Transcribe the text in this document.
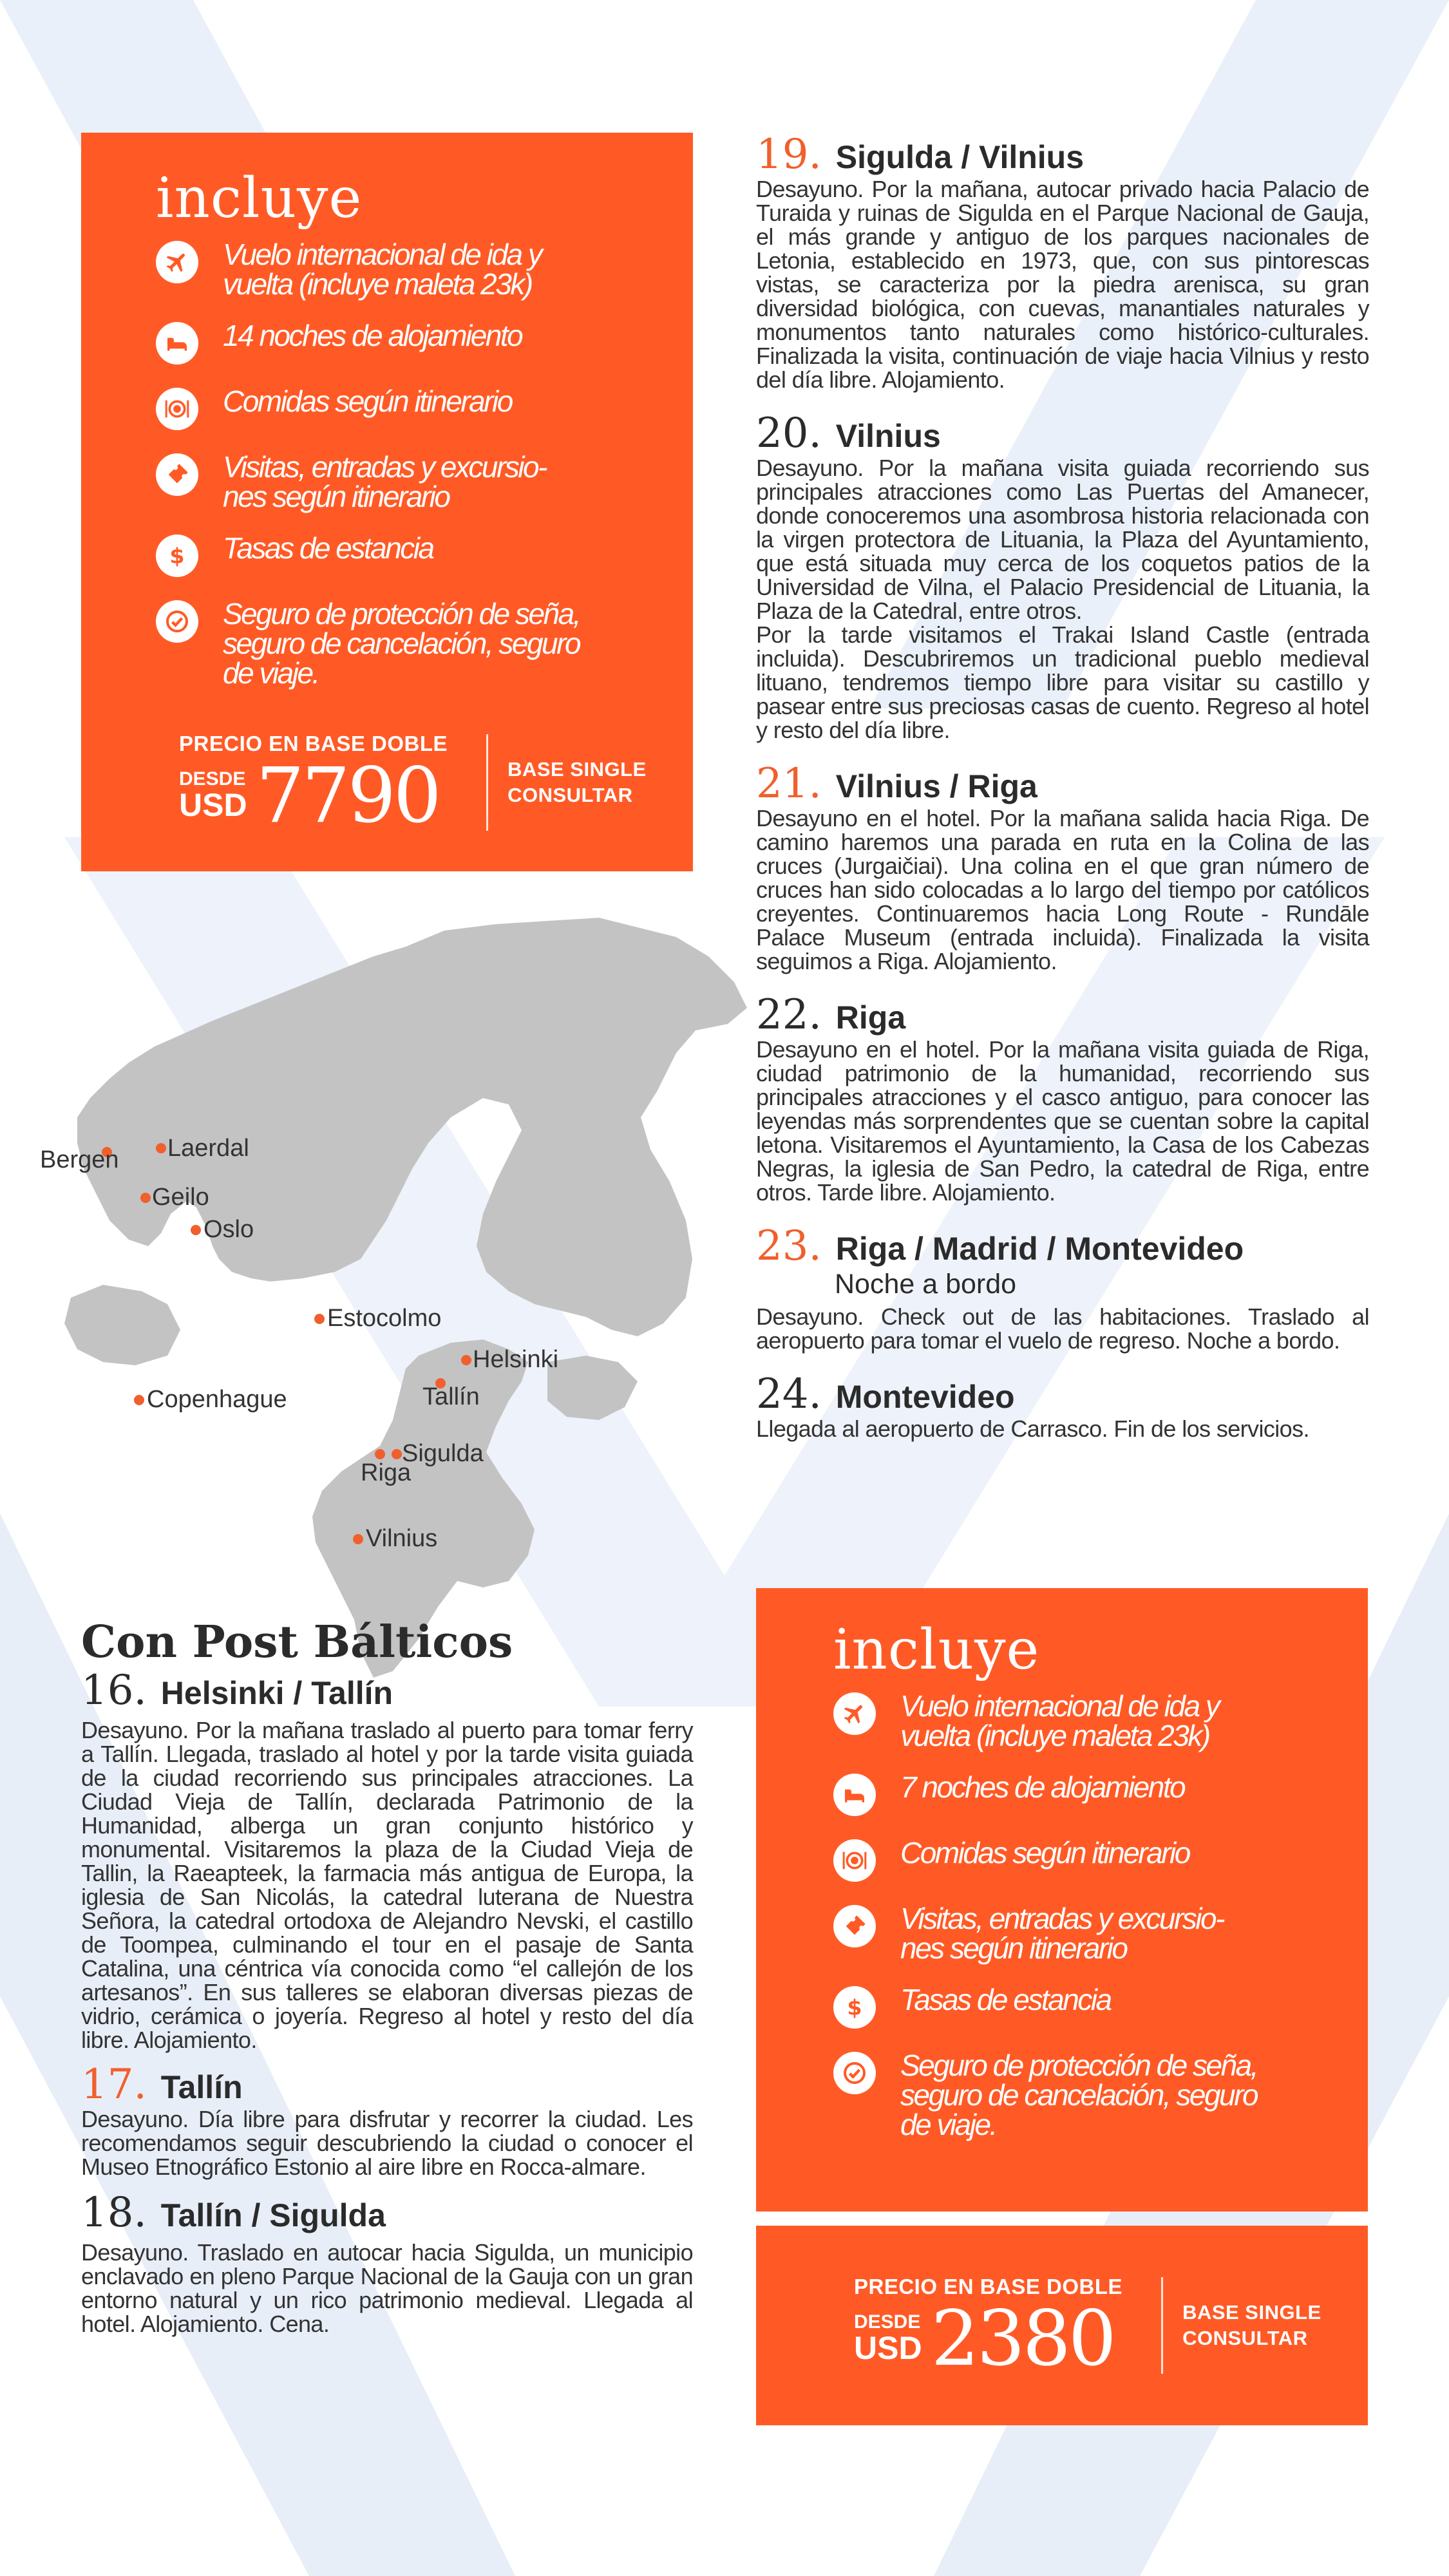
incluye
Vuelo internacional de ida y
vuelta (incluye maleta 23k)
14 noches de alojamiento
Comidas según itinerario
Visitas, entradas y excursio-
nes según itinerario
$ Tasas de estancia
Seguro de protección de seña,
seguro de cancelación, seguro
de viaje.
PRECIO EN BASE DOBLE
DESDE
USD 7790	BASE SINGLE
CONSULTAR
Bergen Laerdal
Geilo
Oslo
Estocolmo
Helsinki
Tallín
Copenhague
Sigulda
Riga
Vilnius
Con Post Bálticos
16. Helsinki / Tallín

Desayuno. Por la mañana traslado al puerto para tomar ferry a Tallín. Llegada, traslado al hotel y por la tarde visita guiada de la ciudad recorriendo sus principales atracciones. La Ciudad Vieja de Tallín, declarada Patrimonio de la Humanidad, alberga un gran conjunto histórico y monumental. Visitaremos la plaza de la Ciudad Vieja de Tallin, la Raeapteek, la farmacia más antigua de Europa, la iglesia de San Nicolás, la catedral luterana de Nuestra Señora, la catedral ortodoxa de Alejandro Nevski, el castillo de Toompea, culminando el tour en el pasaje de Santa Catalina, una céntrica vía conocida como “el callejón de los artesanos”. En sus talleres se elaboran diversas piezas de vidrio, cerámica o joyería. Regreso al hotel y resto del día libre. Alojamiento.

17. Tallín

Desayuno. Día libre para disfrutar y recorrer la ciudad. Les recomendamos seguir descubriendo la ciudad o conocer el Museo Etnográfico Estonio al aire libre en Rocca-almare.

18. Tallín / Sigulda

Desayuno. Traslado en autocar hacia Sigulda, un municipio enclavado en pleno Parque Nacional de la Gauja con un gran entorno natural y un rico patrimonio medieval. Llegada al hotel. Alojamiento. Cena.

19. Sigulda / Vilnius

Desayuno. Por la mañana, autocar privado hacia Palacio de Turaida y ruinas de Sigulda en el Parque Nacional de Gauja, el más grande y antiguo de los parques nacionales de Letonia, establecido en 1973, que, con sus pintorescas vistas, se caracteriza por la piedra arenisca, su gran diversidad biológica, con cuevas, manantiales naturales y monumentos tanto naturales como histórico-culturales. Finalizada la visita, continuación de viaje hacia Vilnius y resto del día libre. Alojamiento.

20. Vilnius

Desayuno. Por la mañana visita guiada recorriendo sus principales atracciones como Las Puertas del Amanecer, donde conoceremos una asombrosa historia relacionada con la virgen protectora de Lituania, la Plaza del Ayuntamiento, que está situada muy cerca de los coquetos patios de la Universidad de Vilna, el Palacio Presidencial de Lituania, la Plaza de la Catedral, entre otros.

Por la tarde visitamos el Trakai Island Castle (entrada incluida). Descubriremos un tradicional pueblo medieval lituano, tendremos tiempo libre para visitar su castillo y pasear entre sus preciosas casas de cuento. Regreso al hotel y resto del día libre.

21. Vilnius / Riga

Desayuno en el hotel. Por la mañana salida hacia Riga. De camino haremos una parada en ruta en la Colina de las cruces (Jurgaičiai). Una colina en el que gran número de cruces han sido colocadas a lo largo del tiempo por católicos creyentes. Continuaremos hacia Long Route - Rundāle Palace Museum (entrada incluida). Finalizada la visita seguimos a Riga. Alojamiento.

22. Riga

Desayuno en el hotel. Por la mañana visita guiada de Riga, ciudad patrimonio de la humanidad, recorriendo sus principales atracciones y el casco antiguo, para conocer las leyendas más sorprendentes que se cuentan sobre la capital letona. Visitaremos el Ayuntamiento, la Casa de los Cabezas Negras, la iglesia de San Pedro, la catedral de Riga, entre otros. Tarde libre. Alojamiento.

23. Riga / Madrid / Montevideo
Noche a bordo

Desayuno. Check out de las habitaciones. Traslado al aeropuerto para tomar el vuelo de regreso. Noche a bordo.

24. Montevideo

Llegada al aeropuerto de Carrasco. Fin de los servicios.

incluye
Vuelo internacional de ida y
vuelta (incluye maleta 23k)
7 noches de alojamiento
Comidas según itinerario
Visitas, entradas y excursio-
nes según itinerario
$ Tasas de estancia
Seguro de protección de seña,
seguro de cancelación, seguro
de viaje.
PRECIO EN BASE DOBLE
DESDE
USD 2380	BASE SINGLE
CONSULTAR
